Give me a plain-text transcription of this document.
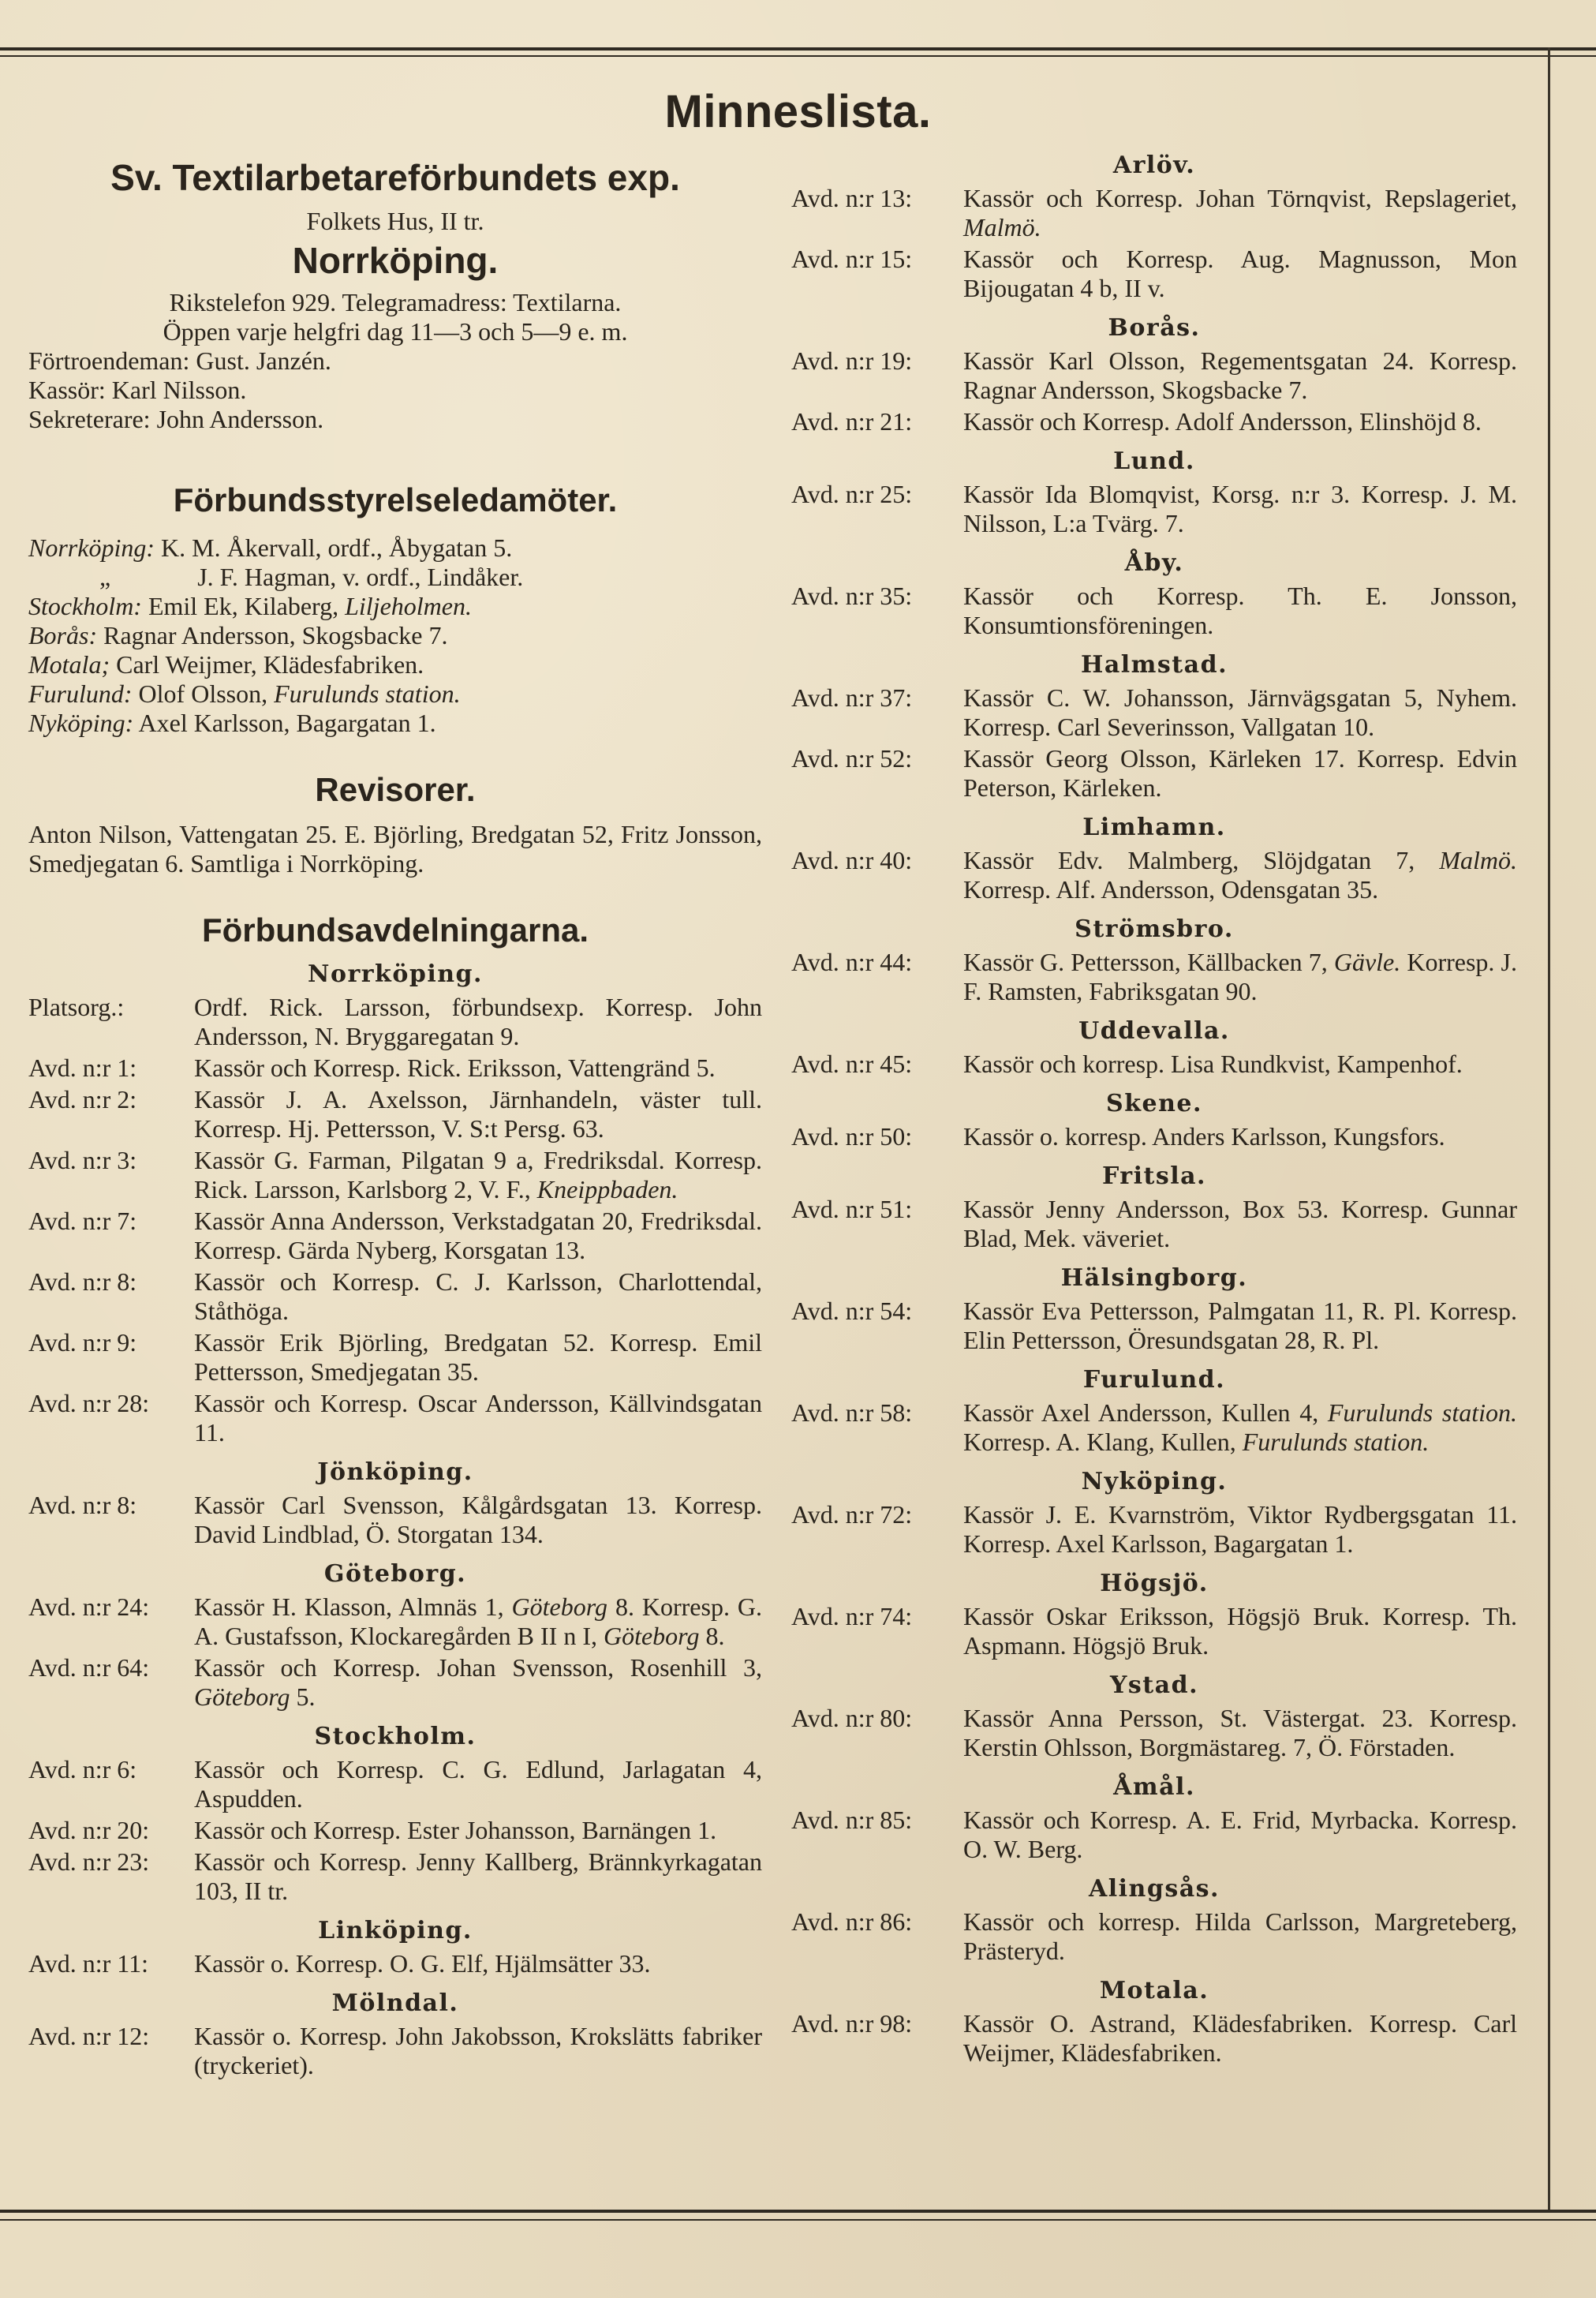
Minneslista.
Sv. Textilarbetareförbundets exp.
Folkets Hus, II tr.
Norrköping.
Rikstelefon 929. Telegramadress: Textilarna.
Öppen varje helgfri dag 11—3 och 5—9 e. m.
Förtroendeman: Gust. Janzén.
Kassör: Karl Nilsson.
Sekreterare: John Andersson.
Förbundsstyrelseledamöter.
Norrköping: K. M. Åkervall, ordf., Åbygatan 5.
„	J. F. Hagman, v. ordf., Lindåker.
Stockholm: Emil Ek, Kilaberg, Liljeholmen.
Borås: Ragnar Andersson, Skogsbacke 7.
Motala; Carl Weijmer, Klädesfabriken.
Furulund: Olof Olsson, Furulunds station.
Nyköping: Axel Karlsson, Bagargatan 1.
Revisorer.
Anton Nilson, Vattengatan 25. E. Björling, Bredgatan 52, Fritz Jonsson, Smedjegatan 6. Samtliga i Norrköping.
Förbundsavdelningarna.
Norrköping.
Platsorg.:	Ordf. Rick. Larsson, förbundsexp. Korresp. John Andersson, N. Bryggaregatan 9.
Avd. n:r 1:	Kassör och Korresp. Rick. Eriksson, Vattengränd 5.
Avd. n:r 2:	Kassör J. A. Axelsson, Järnhandeln, väster tull. Korresp. Hj. Pettersson, V. S:t Persg. 63.
Avd. n:r 3:	Kassör G. Farman, Pilgatan 9 a, Fredriksdal. Korresp. Rick. Larsson, Karlsborg 2, V. F., Kneippbaden.
Avd. n:r 7:	Kassör Anna Andersson, Verkstadgatan 20, Fredriksdal. Korresp. Gärda Nyberg, Korsgatan 13.
Avd. n:r 8:	Kassör och Korresp. C. J. Karlsson, Charlottendal, Ståthöga.
Avd. n:r 9:	Kassör Erik Björling, Bredgatan 52. Korresp. Emil Pettersson, Smedjegatan 35.
Avd. n:r 28:	Kassör och Korresp. Oscar Andersson, Källvindsgatan 11.
Jönköping.
Avd. n:r 8:	Kassör Carl Svensson, Kålgårdsgatan 13. Korresp. David Lindblad, Ö. Storgatan 134.
Göteborg.
Avd. n:r 24:	Kassör H. Klasson, Almnäs 1, Göteborg 8. Korresp. G. A. Gustafsson, Klockaregården B II n I, Göteborg 8.
Avd. n:r 64:	Kassör och Korresp. Johan Svensson, Rosenhill 3, Göteborg 5.
Stockholm.
Avd. n:r 6:	Kassör och Korresp. C. G. Edlund, Jarlagatan 4, Aspudden.
Avd. n:r 20:	Kassör och Korresp. Ester Johansson, Barnängen 1.
Avd. n:r 23:	Kassör och Korresp. Jenny Kallberg, Brännkyrkagatan 103, II tr.
Linköping.
Avd. n:r 11:	Kassör o. Korresp. O. G. Elf, Hjälmsätter 33.
Mölndal.
Avd. n:r 12:	Kassör o. Korresp. John Jakobsson, Krokslätts fabriker (tryckeriet).
Arlöv.
Avd. n:r 13:	Kassör och Korresp. Johan Törnqvist, Repslageriet, Malmö.
Avd. n:r 15:	Kassör och Korresp. Aug. Magnusson, Mon Bijougatan 4 b, II v.
Borås.
Avd. n:r 19:	Kassör Karl Olsson, Regementsgatan 24. Korresp. Ragnar Andersson, Skogsbacke 7.
Avd. n:r 21:	Kassör och Korresp. Adolf Andersson, Elinshöjd 8.
Lund.
Avd. n:r 25:	Kassör Ida Blomqvist, Korsg. n:r 3. Korresp. J. M. Nilsson, L:a Tvärg. 7.
Åby.
Avd. n:r 35:	Kassör och Korresp. Th. E. Jonsson, Konsumtionsföreningen.
Halmstad.
Avd. n:r 37:	Kassör C. W. Johansson, Järnvägsgatan 5, Nyhem. Korresp. Carl Severinsson, Vallgatan 10.
Avd. n:r 52:	Kassör Georg Olsson, Kärleken 17. Korresp. Edvin Peterson, Kärleken.
Limhamn.
Avd. n:r 40:	Kassör Edv. Malmberg, Slöjdgatan 7, Malmö. Korresp. Alf. Andersson, Odensgatan 35.
Strömsbro.
Avd. n:r 44:	Kassör G. Pettersson, Källbacken 7, Gävle. Korresp. J. F. Ramsten, Fabriksgatan 90.
Uddevalla.
Avd. n:r 45:	Kassör och korresp. Lisa Rundkvist, Kampenhof.
Skene.
Avd. n:r 50:	Kassör o. korresp. Anders Karlsson, Kungsfors.
Fritsla.
Avd. n:r 51:	Kassör Jenny Andersson, Box 53. Korresp. Gunnar Blad, Mek. väveriet.
Hälsingborg.
Avd. n:r 54:	Kassör Eva Pettersson, Palmgatan 11, R. Pl. Korresp. Elin Pettersson, Öresundsgatan 28, R. Pl.
Furulund.
Avd. n:r 58:	Kassör Axel Andersson, Kullen 4, Furulunds station. Korresp. A. Klang, Kullen, Furulunds station.
Nyköping.
Avd. n:r 72:	Kassör J. E. Kvarnström, Viktor Rydbergsgatan 11. Korresp. Axel Karlsson, Bagargatan 1.
Högsjö.
Avd. n:r 74:	Kassör Oskar Eriksson, Högsjö Bruk. Korresp. Th. Aspmann. Högsjö Bruk.
Ystad.
Avd. n:r 80:	Kassör Anna Persson, St. Västergat. 23. Korresp. Kerstin Ohlsson, Borgmästareg. 7, Ö. Förstaden.
Åmål.
Avd. n:r 85:	Kassör och Korresp. A. E. Frid, Myrbacka. Korresp. O. W. Berg.
Alingsås.
Avd. n:r 86:	Kassör och korresp. Hilda Carlsson, Margreteberg, Prästeryd.
Motala.
Avd. n:r 98:	Kassör O. Astrand, Klädesfabriken. Korresp. Carl Weijmer, Klädesfabriken.
